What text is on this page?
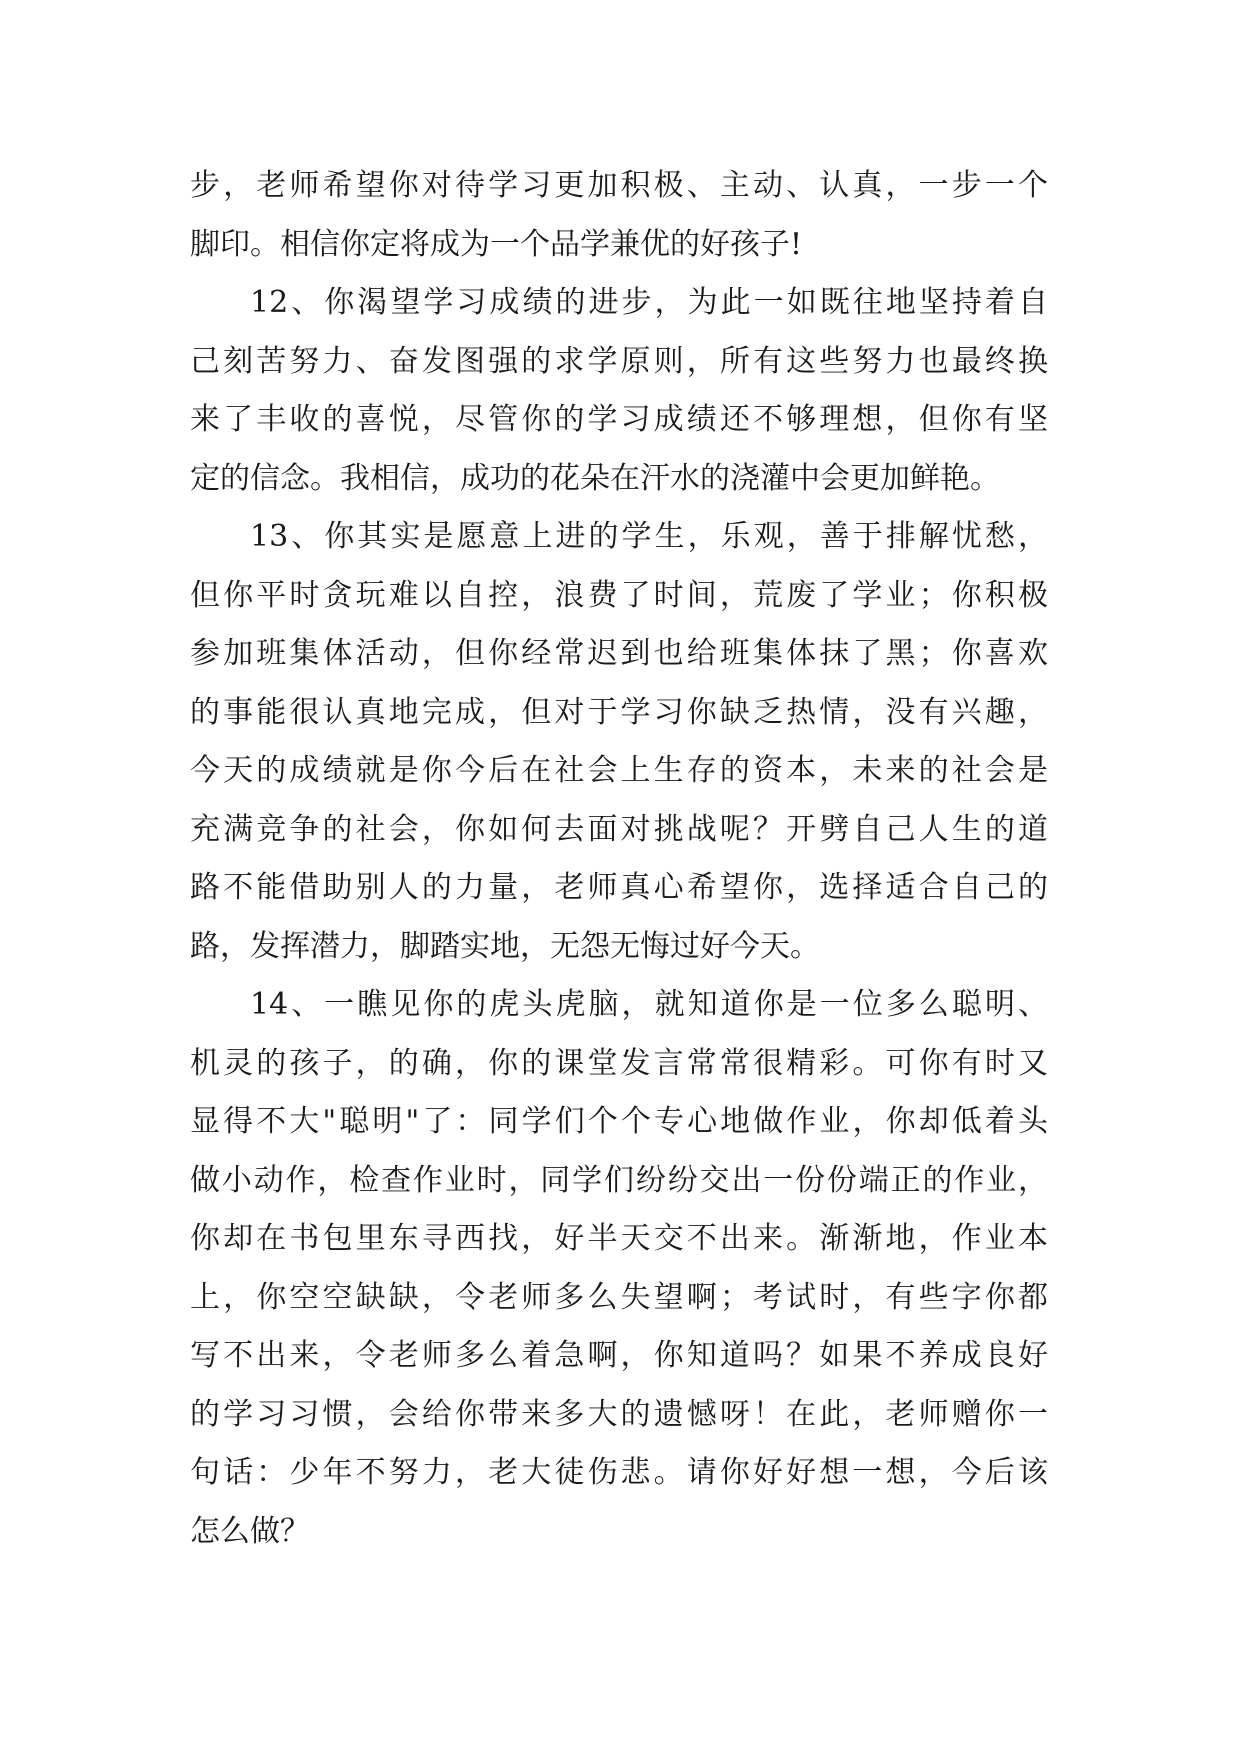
步，老师希望你对待学习更加积极、主动、认真，一步一个
脚印。相信你定将成为一个品学兼优的好孩子!
12、你渴望学习成绩的进步，为此一如既往地坚持着自
己刻苦努力、奋发图强的求学原则，所有这些努力也最终换
来了丰收的喜悦，尽管你的学习成绩还不够理想，但你有坚
定的信念。我相信，成功的花朵在汗水的浇灌中会更加鲜艳。
13、你其实是愿意上进的学生，乐观，善于排解忧愁，
但你平时贪玩难以自控，浪费了时间，荒废了学业；你积极
参加班集体活动，但你经常迟到也给班集体抹了黑；你喜欢
的事能很认真地完成，但对于学习你缺乏热情，没有兴趣，
今天的成绩就是你今后在社会上生存的资本，未来的社会是
充满竞争的社会，你如何去面对挑战呢？开劈自己人生的道
路不能借助别人的力量，老师真心希望你，选择适合自己的
路，发挥潜力，脚踏实地，无怨无悔过好今天。
14、一瞧见你的虎头虎脑，就知道你是一位多么聪明、
机灵的孩子，的确，你的课堂发言常常很精彩。可你有时又
显得不大"聪明"了：同学们个个专心地做作业，你却低着头
做小动作，检查作业时，同学们纷纷交出一份份端正的作业，
你却在书包里东寻西找，好半天交不出来。渐渐地，作业本
上，你空空缺缺，令老师多么失望啊；考试时，有些字你都
写不出来，令老师多么着急啊，你知道吗？如果不养成良好
的学习习惯，会给你带来多大的遗憾呀！在此，老师赠你一
句话：少年不努力，老大徒伤悲。请你好好想一想，今后该
怎么做？
